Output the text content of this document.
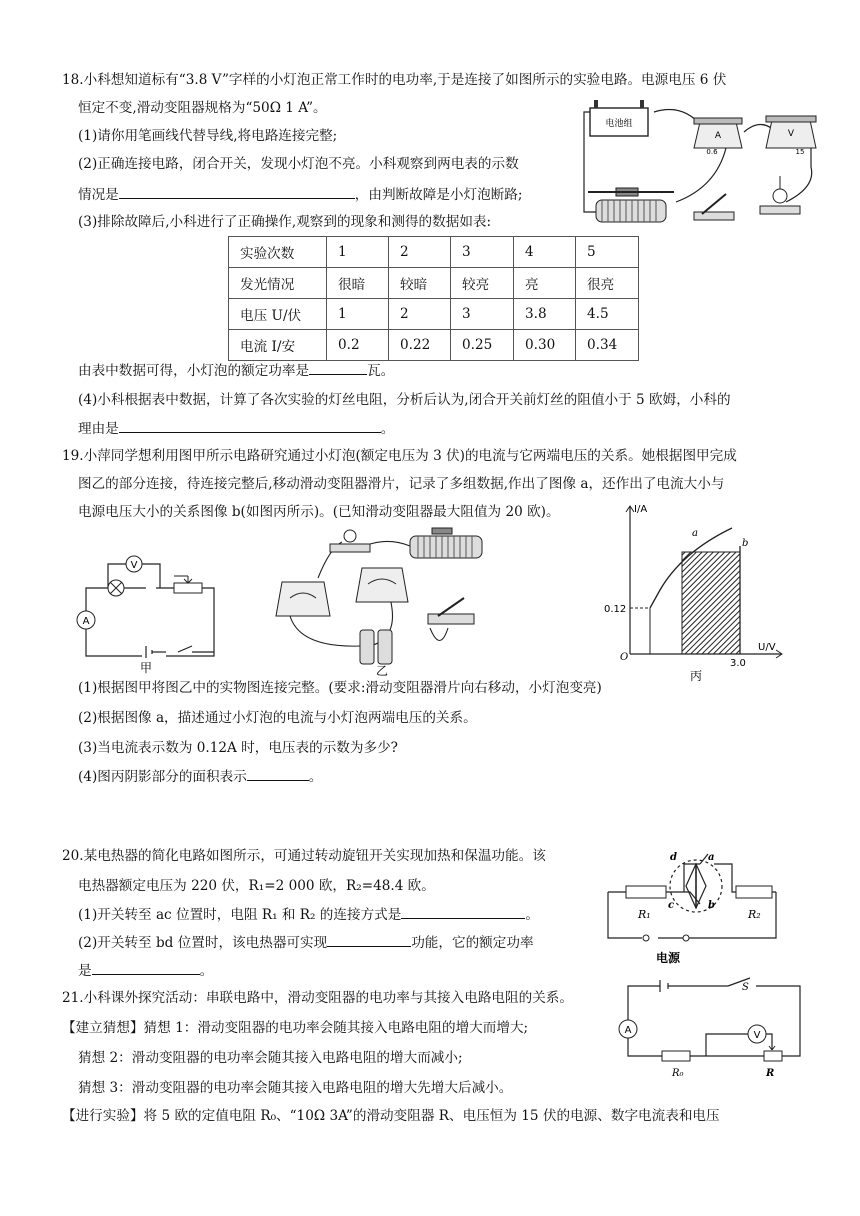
18.小科想知道标有“3.8 V”字样的小灯泡正常工作时的电功率,于是连接了如图所示的实验电路。电源电压 6 伏
恒定不变,滑动变阻器规格为“50Ω 1 A”。
(1)请你用笔画线代替导线,将电路连接完整;
(2)正确连接电路，闭合开关，发现小灯泡不亮。小科观察到两电表的示数
情况是	，由判断故障是小灯泡断路;
(3)排除故障后,小科进行了正确操作,观察到的现象和测得的数据如表:
实验次数	1	2	3	4	5
发光情况	很暗	较暗	较亮	亮	很亮
电压 U/伏	1	2	3	3.8	4.5
电流 I/安	0.2	0.22	0.25	0.30	0.34
由表中数据可得，小灯泡的额定功率是	瓦。
(4)小科根据表中数据，计算了各次实验的灯丝电阻，分析后认为,闭合开关前灯丝的阻值小于 5 欧姆，小科的
理由是	。
电池组
A
0.6
V
15
19.小萍同学想利用图甲所示电路研究通过小灯泡(额定电压为 3 伏)的电流与它两端电压的关系。她根据图甲完成
图乙的部分连接，待连接完整后,移动滑动变阻器滑片，记录了多组数据,作出了图像 a，还作出了电流大小与
电源电压大小的关系图像 b(如图丙所示)。(已知滑动变阻器最大阻值为 20 欧)。
V
A
甲	乙
a
b
I/A
U/V
O
0.12
3.0
丙
(1)根据图甲将图乙中的实物图连接完整。(要求:滑动变阻器滑片向右移动，小灯泡变亮)
(2)根据图像 a，描述通过小灯泡的电流与小灯泡两端电压的关系。
(3)当电流表示数为 0.12A 时，电压表的示数为多少?
(4)图丙阴影部分的面积表示	。
20.某电热器的简化电路如图所示，可通过转动旋钮开关实现加热和保温功能。该
电热器额定电压为 220 伏，R₁=2 000 欧，R₂=48.4 欧。
(1)开关转至 ac 位置时，电阻 R₁ 和 R₂ 的连接方式是	。
(2)开关转至 bd 位置时，该电热器可实现	功能，它的额定功率
是	。
d	a
c	b
R₁	R₂
电源
21.小科课外探究活动：串联电路中，滑动变阻器的电功率与其接入电路电阻的关系。
【建立猜想】猜想 1：滑动变阻器的电功率会随其接入电路电阻的增大而增大;
猜想 2：滑动变阻器的电功率会随其接入电路电阻的增大而减小;
猜想 3：滑动变阻器的电功率会随其接入电路电阻的增大先增大后减小。
【进行实验】将 5 欧的定值电阻 R₀、“10Ω 3A”的滑动变阻器 R、电压恒为 15 伏的电源、数字电流表和电压
A	V
S
R₀	R
